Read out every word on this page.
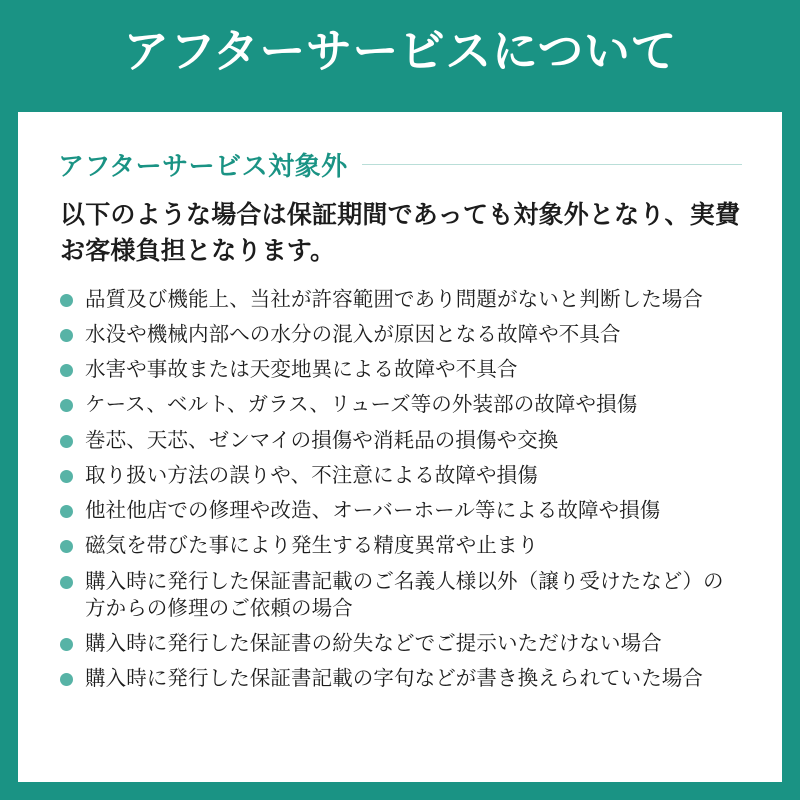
アフターサービスについて
アフターサービス対象外

以下のような場合は保証期間であっても対象外となり、実費お客様負担となります。

品質及び機能上、当社が許容範囲であり問題がないと判断した場合
水没や機械内部への水分の混入が原因となる故障や不具合
水害や事故または天変地異による故障や不具合
ケース、ベルト、ガラス、リューズ等の外装部の故障や損傷
巻芯、天芯、ゼンマイの損傷や消耗品の損傷や交換
取り扱い方法の誤りや、不注意による故障や損傷
他社他店での修理や改造、オーバーホール等による故障や損傷
磁気を帯びた事により発生する精度異常や止まり
購入時に発行した保証書記載のご名義人様以外（譲り受けたなど）の方からの修理のご依頼の場合
購入時に発行した保証書の紛失などでご提示いただけない場合
購入時に発行した保証書記載の字句などが書き換えられていた場合
